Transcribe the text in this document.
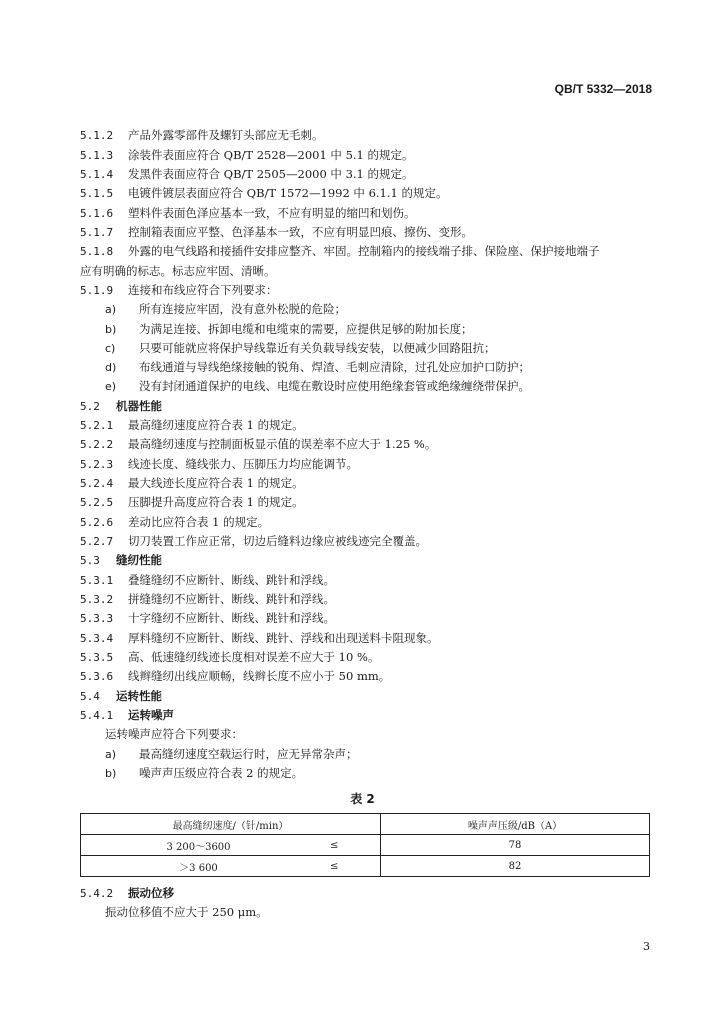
QB/T 5332—2018
5.1.2 产品外露零部件及螺钉头部应无毛刺。
5.1.3 涂装件表面应符合 QB/T 2528—2001 中 5.1 的规定。
5.1.4 发黑件表面应符合 QB/T 2505—2000 中 3.1 的规定。
5.1.5 电镀件镀层表面应符合 QB/T 1572—1992 中 6.1.1 的规定。
5.1.6 塑料件表面色泽应基本一致，不应有明显的缩凹和划伤。
5.1.7 控制箱表面应平整、色泽基本一致，不应有明显凹痕、擦伤、变形。
5.1.8 外露的电气线路和接插件安排应整齐、牢固。控制箱内的接线端子排、保险座、保护接地端子
应有明确的标志。标志应牢固、清晰。
5.1.9 连接和布线应符合下列要求：
a) 所有连接应牢固，没有意外松脱的危险；
b) 为满足连接、拆卸电缆和电缆束的需要，应提供足够的附加长度；
c) 只要可能就应将保护导线靠近有关负载导线安装，以便减少回路阻抗；
d) 布线通道与导线绝缘接触的锐角、焊渣、毛刺应清除，过孔处应加护口防护；
e) 没有封闭通道保护的电线、电缆在敷设时应使用绝缘套管或绝缘缠绕带保护。
5.2 机器性能
5.2.1 最高缝纫速度应符合表 1 的规定。
5.2.2 最高缝纫速度与控制面板显示值的误差率不应大于 1.25 %。
5.2.3 线迹长度、缝线张力、压脚压力均应能调节。
5.2.4 最大线迹长度应符合表 1 的规定。
5.2.5 压脚提升高度应符合表 1 的规定。
5.2.6 差动比应符合表 1 的规定。
5.2.7 切刀装置工作应正常，切边后缝料边缘应被线迹完全覆盖。
5.3 缝纫性能
5.3.1 叠缝缝纫不应断针、断线、跳针和浮线。
5.3.2 拼缝缝纫不应断针、断线、跳针和浮线。
5.3.3 十字缝纫不应断针、断线、跳针和浮线。
5.3.4 厚料缝纫不应断针、断线、跳针、浮线和出现送料卡阻现象。
5.3.5 高、低速缝纫线迹长度相对误差不应大于 10 %。
5.3.6 线辫缝纫出线应顺畅，线辫长度不应小于 50 mm。
5.4 运转性能
5.4.1 运转噪声
运转噪声应符合下列要求：
a) 最高缝纫速度空载运行时，应无异常杂声；
b) 噪声声压级应符合表 2 的规定。
表 2
最高缝纫速度/（针/min）		噪声声压级/dB（A）
3 200～3600	≤	78
＞3 600	≤	82
5.4.2 振动位移
振动位移值不应大于 250 μm。
3
